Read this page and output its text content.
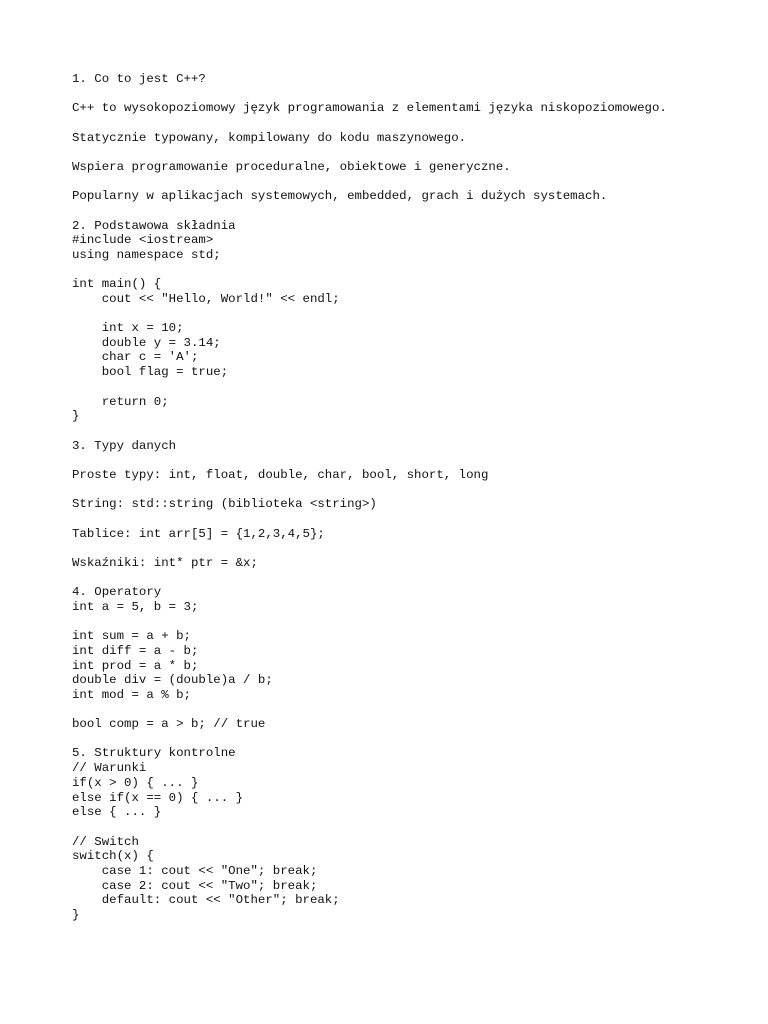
1. Co to jest C++?
C++ to wysokopoziomowy język programowania z elementami języka niskopoziomowego.
Statycznie typowany, kompilowany do kodu maszynowego.
Wspiera programowanie proceduralne, obiektowe i generyczne.
Popularny w aplikacjach systemowych, embedded, grach i dużych systemach.
2. Podstawowa składnia
#include <iostream>
using namespace std;
int main() {
cout << "Hello, World!" << endl;
int x = 10;
double y = 3.14;
char c = 'A';
bool flag = true;
return 0;
}
3. Typy danych
Proste typy: int, float, double, char, bool, short, long
String: std::string (biblioteka <string>)
Tablice: int arr[5] = {1,2,3,4,5};
Wskaźniki: int* ptr = &x;
4. Operatory
int a = 5, b = 3;
int sum = a + b;
int diff = a - b;
int prod = a * b;
double div = (double)a / b;
int mod = a % b;
bool comp = a > b; // true
5. Struktury kontrolne
// Warunki
if(x > 0) { ... }
else if(x == 0) { ... }
else { ... }
// Switch
switch(x) {
case 1: cout << "One"; break;
case 2: cout << "Two"; break;
default: cout << "Other"; break;
}
